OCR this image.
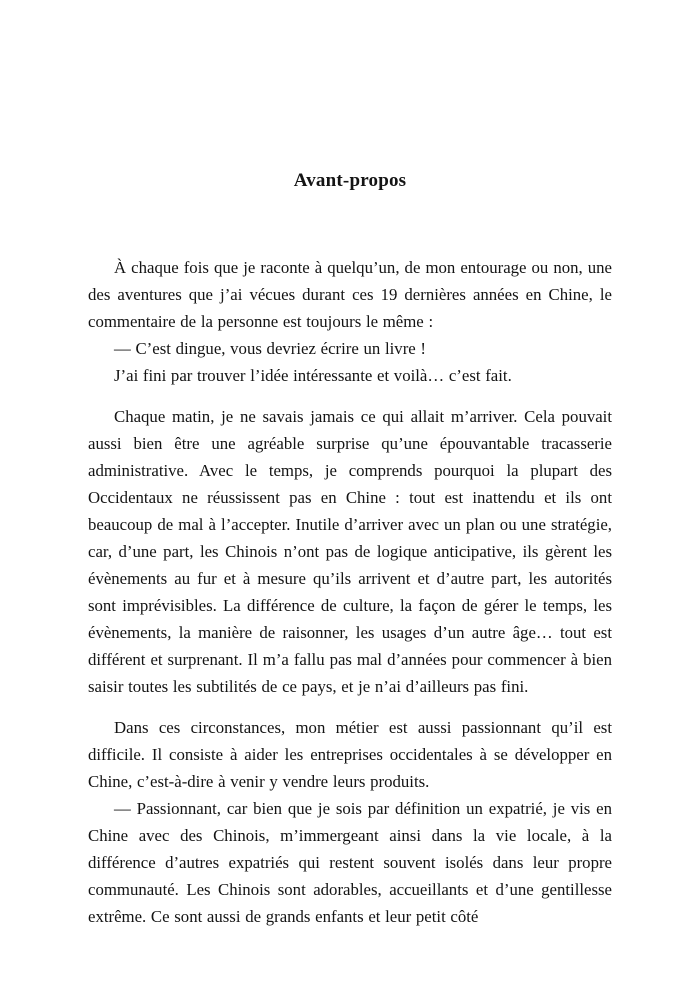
Avant-propos

À chaque fois que je raconte à quelqu’un, de mon entourage ou non, une des aventures que j’ai vécues durant ces 19 dernières années en Chine, le commentaire de la personne est toujours le même :

— C’est dingue, vous devriez écrire un livre !

J’ai fini par trouver l’idée intéressante et voilà… c’est fait.

Chaque matin, je ne savais jamais ce qui allait m’arriver. Cela pouvait aussi bien être une agréable surprise qu’une épouvantable tracasserie administrative. Avec le temps, je comprends pourquoi la plupart des Occidentaux ne réussissent pas en Chine : tout est inattendu et ils ont beaucoup de mal à l’accepter. Inutile d’arriver avec un plan ou une stratégie, car, d’une part, les Chinois n’ont pas de logique anticipative, ils gèrent les évènements au fur et à mesure qu’ils arrivent et d’autre part, les autorités sont imprévisibles. La différence de culture, la façon de gérer le temps, les évènements, la manière de raisonner, les usages d’un autre âge… tout est différent et surprenant. Il m’a fallu pas mal d’années pour commencer à bien saisir toutes les subtilités de ce pays, et je n’ai d’ailleurs pas fini.

Dans ces circonstances, mon métier est aussi passionnant qu’il est difficile. Il consiste à aider les entreprises occidentales à se développer en Chine, c’est-à-dire à venir y vendre leurs produits.

— Passionnant, car bien que je sois par définition un expatrié, je vis en Chine avec des Chinois, m’immergeant ainsi dans la vie locale, à la différence d’autres expatriés qui restent souvent isolés dans leur propre communauté. Les Chinois sont adorables, accueillants et d’une gentillesse extrême. Ce sont aussi de grands enfants et leur petit côté
